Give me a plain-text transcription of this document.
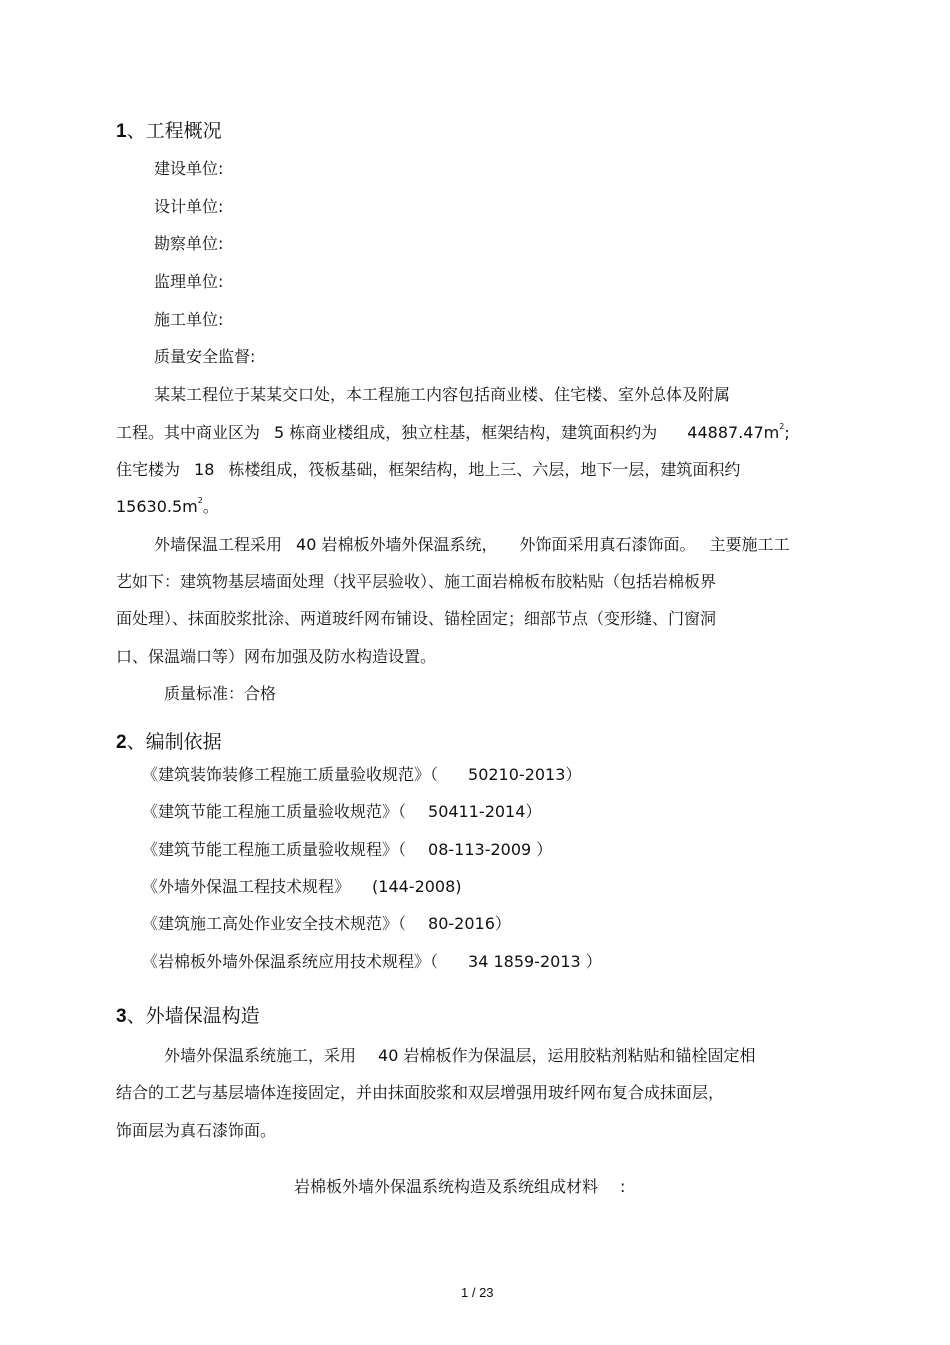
1、工程概况
建设单位:
设计单位:
勘察单位:
监理单位:
施工单位:
质量安全监督:
某某工程位于某某交口处，本工程施工内容包括商业楼、住宅楼、室外总体及附属
工程。其中商业区为 5 栋商业楼组成，独立柱基，框架结构，建筑面积约为 $44887.47m^2$;
住宅楼为 18 栋楼组成，筏板基础，框架结构，地上三、六层，地下一层，建筑面积约
$15630.5m^2$。
外墙保温工程采用 40 岩棉板外墙外保温系统， 外饰面采用真石漆饰面。 主要施工工
艺如下：建筑物基层墙面处理（找平层验收）、施工面岩棉板布胶粘贴（包括岩棉板界
面处理）、抹面胶浆批涂、两道玻纤网布铺设、锚栓固定；细部节点（变形缝、门窗洞
口、保温端口等）网布加强及防水构造设置。
质量标准：合格
2、编制依据
《建筑装饰装修工程施工质量验收规范》（ 50210-2013）
《建筑节能工程施工质量验收规范》（ 50411-2014）
《建筑节能工程施工质量验收规程》（ 08-113-2009 ）
《外墙外保温工程技术规程》 (144-2008)
《建筑施工高处作业安全技术规范》（ 80-2016）
《岩棉板外墙外保温系统应用技术规程》（ 34 1859-2013 ）
3、外墙保温构造
外墙外保温系统施工，采用 40 岩棉板作为保温层，运用胶粘剂粘贴和锚栓固定相
结合的工艺与基层墙体连接固定，并由抹面胶浆和双层增强用玻纤网布复合成抹面层，
饰面层为真石漆饰面。
岩棉板外墙外保温系统构造及系统组成材料 :
1 / 23
